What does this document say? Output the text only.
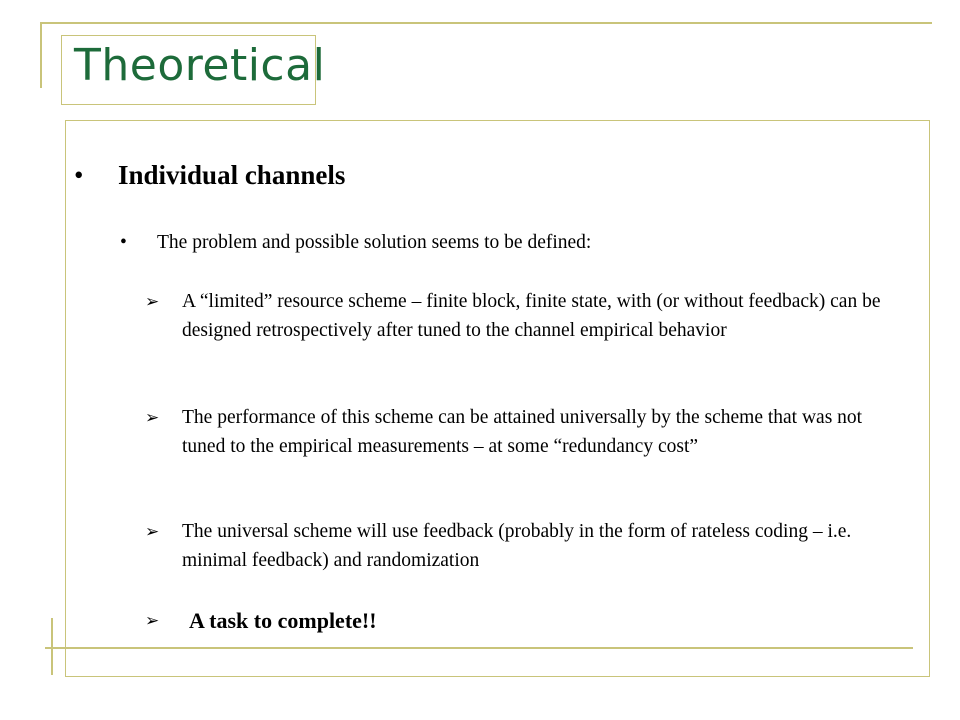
Theoretical
• Individual channels
• The problem and possible solution seems to be defined:
➢ A “limited” resource scheme – finite block, finite state, with (or without feedback) can be designed retrospectively after tuned to the channel empirical behavior
➢ The performance of this scheme can be attained universally by the scheme that was not tuned to the empirical measurements – at some “redundancy cost”
➢ The universal scheme will use feedback (probably in the form of rateless coding – i.e. minimal feedback) and randomization
➢ A task to complete!!
